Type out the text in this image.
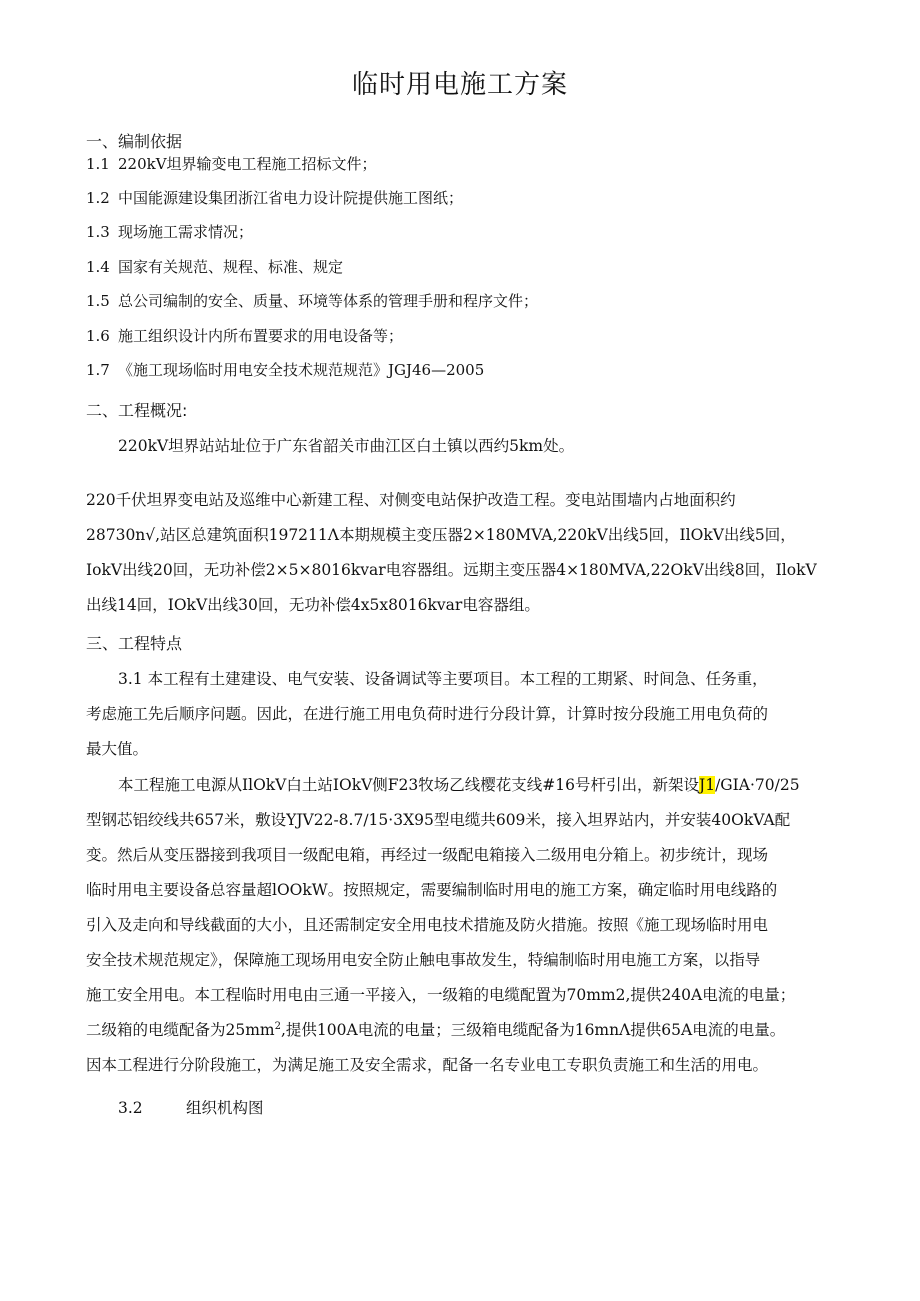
临时用电施工方案
一、编制依据
1.1 220kV坦界输变电工程施工招标文件；
1.2 中国能源建设集团浙江省电力设计院提供施工图纸；
1.3 现场施工需求情况；
1.4 国家有关规范、规程、标准、规定
1.5 总公司编制的安全、质量、环境等体系的管理手册和程序文件；
1.6 施工组织设计内所布置要求的用电设备等；
1.7 《施工现场临时用电安全技术规范规范》JGJ46—2005
二、工程概况:
220kV坦界站站址位于广东省韶关市曲江区白土镇以西约5km处。
220千伏坦界变电站及巡维中心新建工程、对侧变电站保护改造工程。变电站围墙内占地面积约
28730n√,站区总建筑面积197211Λ本期规模主变压器2×180MVA,220kV出线5回，IlOkV出线5回，
IokV出线20回，无功补偿2×5×8016kvar电容器组。远期主变压器4×180MVA,22OkV出线8回，IlokV
出线14回，IOkV出线30回，无功补偿4x5x8016kvar电容器组。
三、工程特点
3.1 本工程有土建建设、电气安装、设备调试等主要项目。本工程的工期紧、时间急、任务重，
考虑施工先后顺序问题。因此，在进行施工用电负荷时进行分段计算，计算时按分段施工用电负荷的
最大值。
本工程施工电源从IlOkV白土站IOkV侧F23牧场乙线樱花支线#16号杆引出，新架设J1∕GIA·70∕25
型钢芯铝绞线共657米，敷设YJV22-8.7∕15·3X95型电缆共609米，接入坦界站内，并安装40OkVA配
变。然后从变压器接到我项目一级配电箱，再经过一级配电箱接入二级用电分箱上。初步统计，现场
临时用电主要设备总容量超lOOkW。按照规定，需要编制临时用电的施工方案，确定临时用电线路的
引入及走向和导线截面的大小，且还需制定安全用电技术措施及防火措施。按照《施工现场临时用电
安全技术规范规定》，保障施工现场用电安全防止触电事故发生，特编制临时用电施工方案，以指导
施工安全用电。本工程临时用电由三通一平接入，一级箱的电缆配置为70mm2,提供240A电流的电量；
二级箱的电缆配备为$25mm^2$,提供100A电流的电量；三级箱电缆配备为16mnΛ提供65A电流的电量。
因本工程进行分阶段施工，为满足施工及安全需求，配备一名专业电工专职负责施工和生活的用电。
3.2	组织机构图
